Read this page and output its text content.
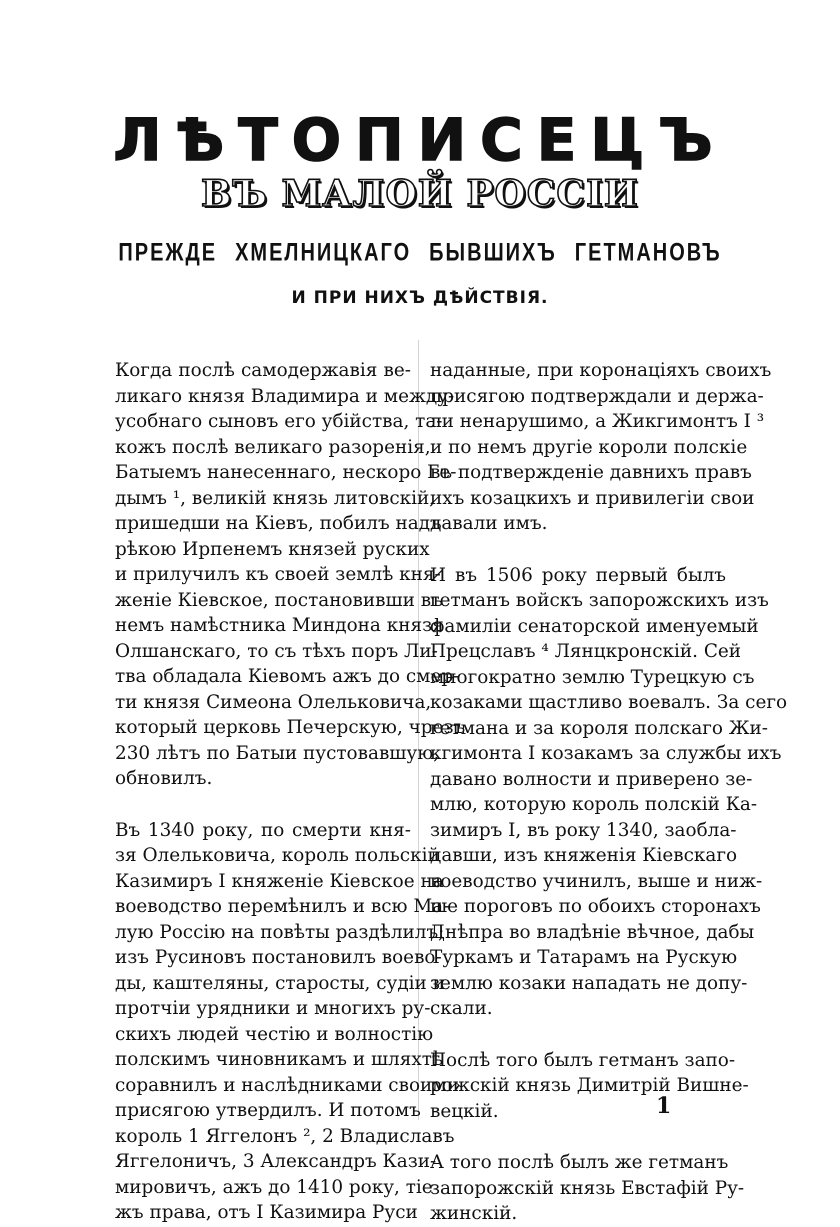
ЛѢТОПИСЕЦЪ
ВЪ МАЛОЙ РОССІИ
ПРЕЖДЕ ХМЕЛНИЦКАГО БЫВШИХЪ ГЕТМАНОВЪ
И ПРИ НИХЪ ДѢЙСТВІЯ.

Когда послѣ самодержавія ве-
ликагo князя Владимира и между-
усобнаго сыновъ его убійства, та-
кожъ послѣ великаго разоренія,
Батыемъ нанесеннаго, нескоро Ге-
дымъ ¹, великій князь литовскій,
пришедши на Кіевъ, побилъ надъ
рѣкою Ирпенемъ князей руских
и прилучилъ къ своей землѣ кня-
женіе Кіевское, постановивши въ
немъ намѣстника Миндона князя
Олшанскаго, то съ тѣхъ поръ Ли-
тва обладала Кіевомъ ажъ до смер-
ти князя Симеона Олельковича,
который церковь Печерскую, чрезъ
230 лѣтъ по Батыи пустовавшую,
обновилъ.

Въ 1340 року, по смерти кня-
зя Олельковича, король польскій
Казимиръ I княженіе Кіевское на
воеводство перемѣнилъ и всю Ма-
лую Россію на повѣты раздѣлилъ;
изъ Русиновъ постановилъ воево-
ды, каштеляны, старосты, судіи и
протчіи урядники и многихъ ру-
скихъ людей честію и волностію
полскимъ чиновникамъ и шляхтѣ
соравнилъ и наслѣдниками своими
присягою утвердилъ. И потомъ
король 1 Яггелонъ ², 2 Владиславъ
Яггелоничъ, 3 Александръ Кази-
мировичъ, ажъ до 1410 року, тіе
жъ права, отъ I Казимира Руси

наданные, при коронаціяхъ своихъ
присягою подтверждали и держа-
ли ненарушимо, а Жикгимонтъ I ³
и по немъ другіе короли полскіе
въ подтвержденіе давнихъ правъ
ихъ козацкихъ и привилегіи свои
давали имъ.

И въ 1506 року первый былъ
гетманъ войскъ запорожскихъ изъ
фамиліи сенаторской именуемый
Прецславъ ⁴ Лянцкронскій. Сей
многократно землю Турецкую съ
козаками щастливо воевалъ. За сего
гетмана и за короля полскаго Жи-
кгимонта I козакамъ за службы ихъ
давано волности и приверено зе-
млю, которую король полскій Ка-
зимиръ I, въ року 1340, заобла-
давши, изъ княженія Кіевскаго
воеводство учинилъ, выше и ниж-
ше пороговъ по обоихъ сторонахъ
Днѣпра во владѣніе вѣчное, дабы
Туркамъ и Татарамъ на Рускую
землю козаки нападать не допу-
скали.

Послѣ того былъ гетманъ запо-
рожскій князь Димитрій Вишне-
вецкій.

А того послѣ былъ же гетманъ
запорожскій князь Евстафій Ру-
жинскій.

1
